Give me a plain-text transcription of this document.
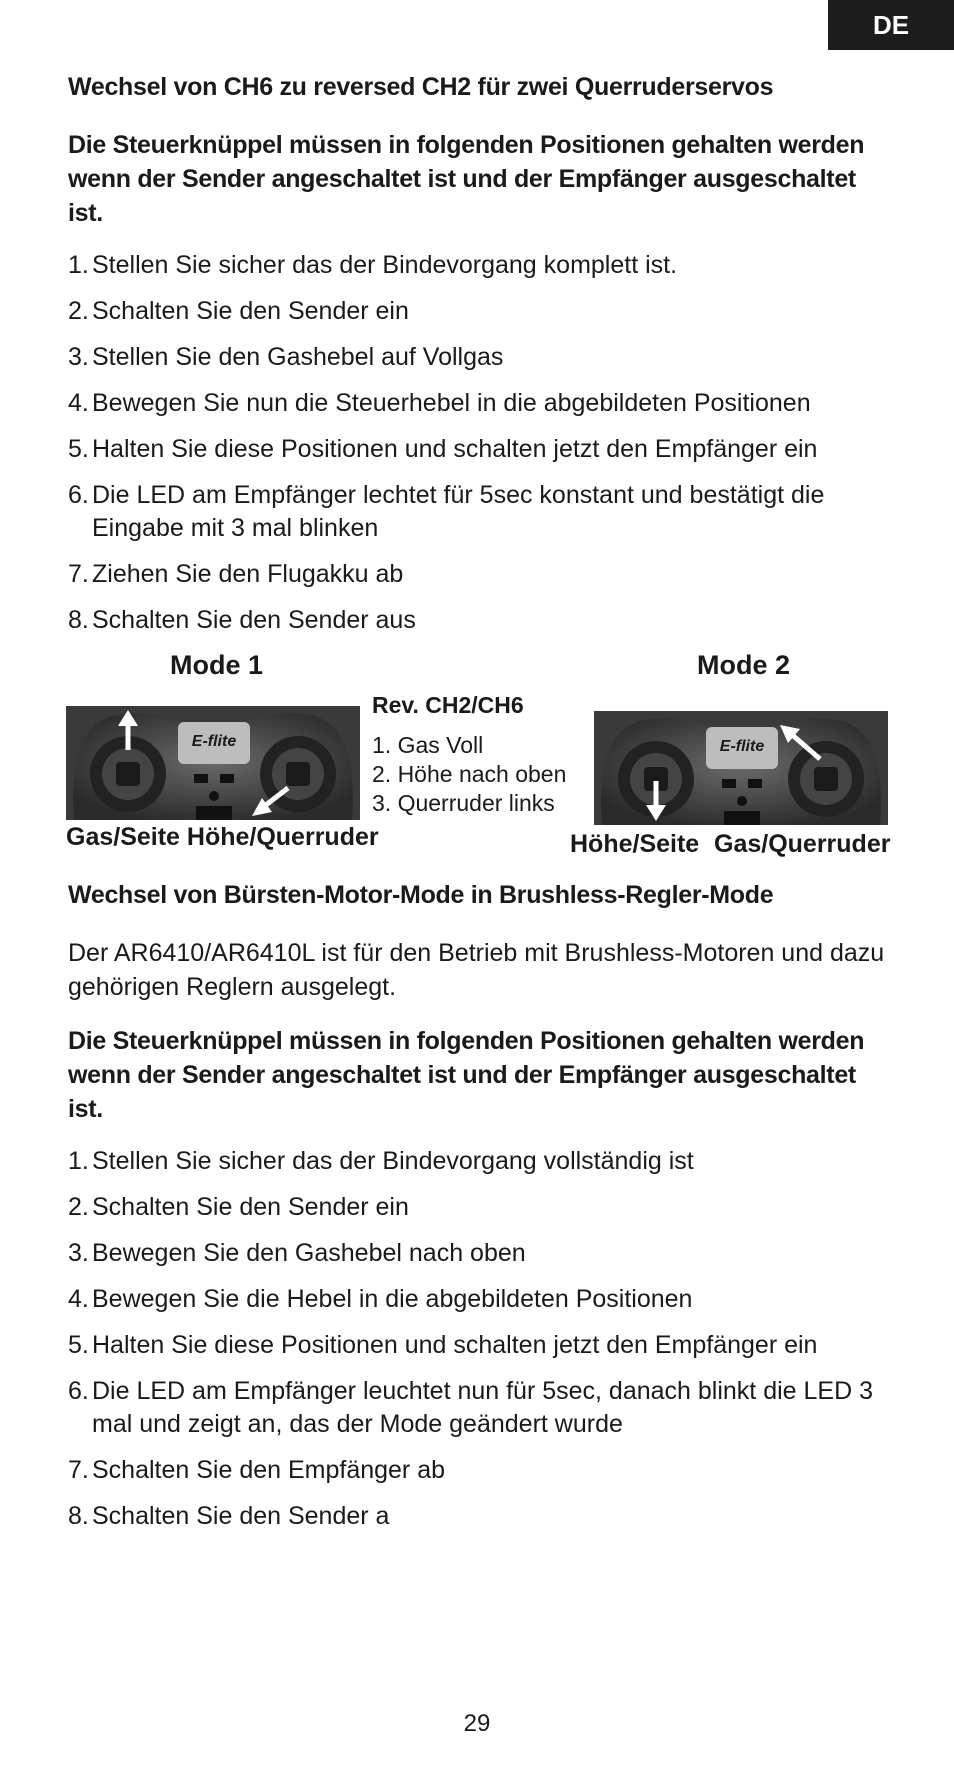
DE

Wechsel von CH6 zu reversed CH2 für zwei Querruderservos

Die Steuerknüppel müssen in folgenden Positionen gehalten werden wenn der Sender angeschaltet ist und der Empfänger ausgeschaltet ist.

1. Stellen Sie sicher das der Bindevorgang komplett ist.
2. Schalten Sie den Sender ein
3. Stellen Sie den Gashebel auf Vollgas
4. Bewegen Sie nun die Steuerhebel in die abgebildeten Positionen
5. Halten Sie diese Positionen und schalten jetzt den Empfänger ein
6. Die LED am Empfänger lechtet für 5sec konstant und bestätigt die Eingabe mit 3 mal blinken
7. Ziehen Sie den Flugakku ab
8. Schalten Sie den Sender aus
Mode 1	Mode 2
E-flite
Rev. CH2/CH6
1. Gas Voll
2. Höhe nach oben
3. Querruder links
E-flite
Gas/Seite Höhe/Querruder	Höhe/Seite Gas/Querruder

Wechsel von Bürsten-Motor-Mode in Brushless-Regler-Mode

Der AR6410/AR6410L ist für den Betrieb mit Brushless-Motoren und dazu gehörigen Reglern ausgelegt.

Die Steuerknüppel müssen in folgenden Positionen gehalten werden wenn der Sender angeschaltet ist und der Empfänger ausgeschaltet ist.

1. Stellen Sie sicher das der Bindevorgang vollständig ist
2. Schalten Sie den Sender ein
3. Bewegen Sie den Gashebel nach oben
4. Bewegen Sie die Hebel in die abgebildeten Positionen
5. Halten Sie diese Positionen und schalten jetzt den Empfänger ein
6. Die LED am Empfänger leuchtet nun für 5sec, danach blinkt die LED 3 mal und zeigt an, das der Mode geändert wurde
7. Schalten Sie den Empfänger ab
8. Schalten Sie den Sender a
29
